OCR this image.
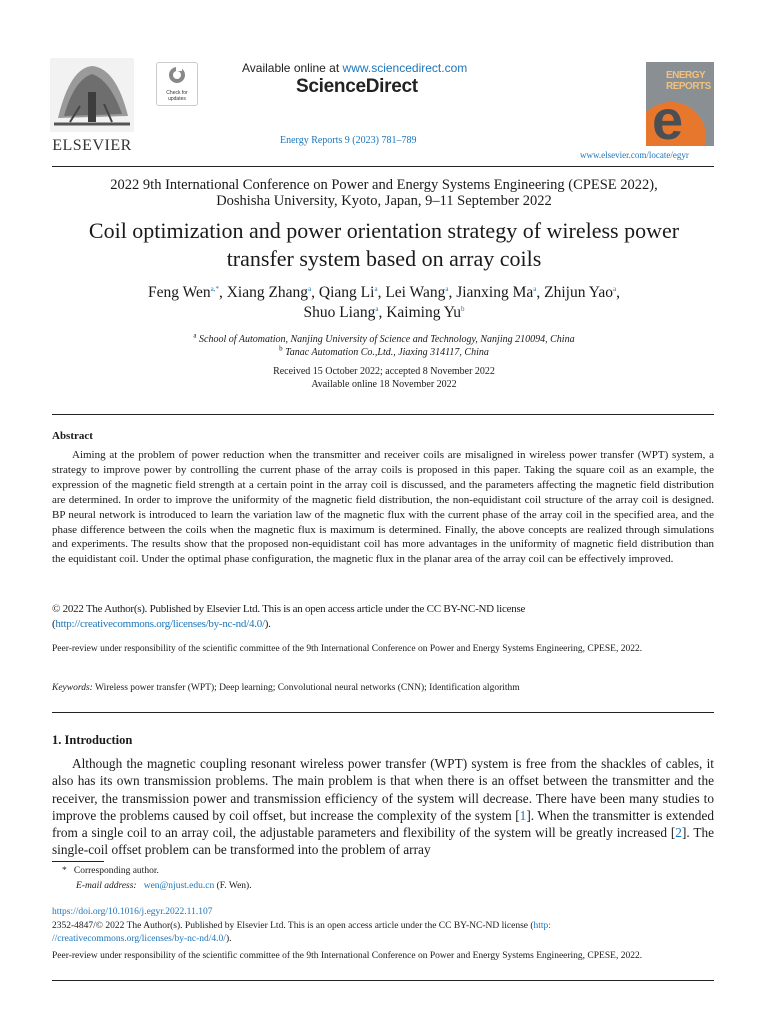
ELSEVIER
Check for
updates
Available online at www.sciencedirect.com
ScienceDirect
Energy Reports 9 (2023) 781–789
ENERGY
REPORTS
e
www.elsevier.com/locate/egyr
2022 9th International Conference on Power and Energy Systems Engineering (CPESE 2022),
Doshisha University, Kyoto, Japan, 9–11 September 2022
Coil optimization and power orientation strategy of wireless power
transfer system based on array coils
Feng Wen$^{a,*}$, Xiang Zhang$^a$, Qiang Li$^a$, Lei Wang$^a$, Jianxing Ma$^a$, Zhijun Yao$^a$,
Shuo Liang$^a$, Kaiming Yu$^b$
$^a$ School of Automation, Nanjing University of Science and Technology, Nanjing 210094, China
$^b$ Tanac Automation Co.,Ltd., Jiaxing 314117, China
Received 15 October 2022; accepted 8 November 2022
Available online 18 November 2022
Abstract
Aiming at the problem of power reduction when the transmitter and receiver coils are misaligned in wireless power transfer (WPT) system, a strategy to improve power by controlling the current phase of the array coils is proposed in this paper. Taking the square coil as an example, the expression of the magnetic field strength at a certain point in the array coil is discussed, and the parameters affecting the magnetic field distribution are determined. In order to improve the uniformity of the magnetic field distribution, the non-equidistant coil structure of the array coil is designed. BP neural network is introduced to learn the variation law of the magnetic flux with the current phase of the array coil in the specified area, and the phase difference between the coils when the magnetic flux is maximum is determined. Finally, the above concepts are realized through simulations and experiments. The results show that the proposed non-equidistant coil has more advantages in the uniformity of magnetic field distribution than the equidistant coil. Under the optimal phase configuration, the magnetic flux in the planar area of the array coil can be effectively improved.
© 2022 The Author(s). Published by Elsevier Ltd. This is an open access article under the CC BY-NC-ND license
(http://creativecommons.org/licenses/by-nc-nd/4.0/).
Peer-review under responsibility of the scientific committee of the 9th International Conference on Power and Energy Systems Engineering, CPESE, 2022.
Keywords: Wireless power transfer (WPT); Deep learning; Convolutional neural networks (CNN); Identification algorithm
1. Introduction
Although the magnetic coupling resonant wireless power transfer (WPT) system is free from the shackles of cables, it also has its own transmission problems. The main problem is that when there is an offset between the transmitter and the receiver, the transmission power and transmission efficiency of the system will decrease. There have been many studies to improve the problems caused by coil offset, but increase the complexity of the system [1]. When the transmitter is extended from a single coil to an array coil, the adjustable parameters and flexibility of the system will be greatly increased [2]. The single-coil offset problem can be transformed into the problem of array
* Corresponding author.
E-mail address: wen@njust.edu.cn (F. Wen).
https://doi.org/10.1016/j.egyr.2022.11.107
2352-4847/© 2022 The Author(s). Published by Elsevier Ltd. This is an open access article under the CC BY-NC-ND license (http:
//creativecommons.org/licenses/by-nc-nd/4.0/).
Peer-review under responsibility of the scientific committee of the 9th International Conference on Power and Energy Systems Engineering, CPESE, 2022.
